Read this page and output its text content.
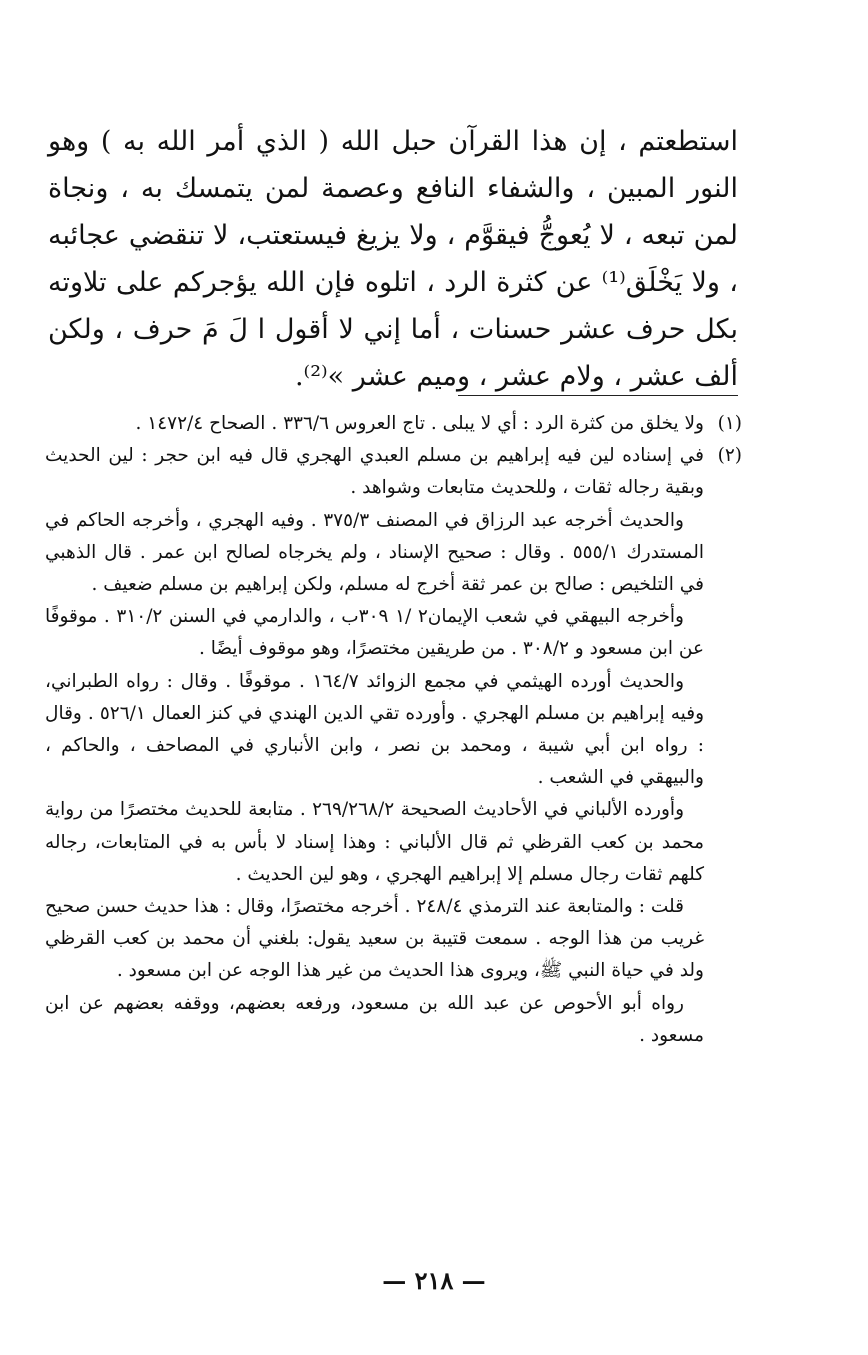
استطعتم ، إن هذا القرآن حبل الله ( الذي أمر الله به ) وهو النور المبين ، والشفاء النافع وعصمة لمن يتمسك به ، ونجاة لمن تبعه ، لا يُعوجُّ فيقوَّم ، ولا يزيغ فيستعتب، لا تنقضي عجائبه ، ولا يَخْلَق⁽¹⁾ عن كثرة الرد ، اتلوه فإن الله يؤجركم على تلاوته بكل حرف عشر حسنات ، أما إني لا أقول ا لَ مَ حرف ، ولكن ألف عشر ، ولام عشر ، وميم عشر »⁽²⁾.

(١)

ولا يخلق من كثرة الرد : أي لا يبلى . تاج العروس ٣٣٦/٦ . الصحاح ١٤٧٢/٤ .

(٢)

في إسناده لين فيه إبراهيم بن مسلم العبدي الهجري قال فيه ابن حجر : لين الحديث وبقية رجاله ثقات ، وللحديث متابعات وشواهد .

والحديث أخرجه عبد الرزاق في المصنف ٣٧٥/٣ . وفيه الهجري ، وأخرجه الحاكم في المستدرك ٥٥٥/١ . وقال : صحيح الإسناد ، ولم يخرجاه لصالح ابن عمر . قال الذهبي في التلخيص : صالح بن عمر ثقة أخرج له مسلم، ولكن إبراهيم بن مسلم ضعيف .

وأخرجه البيهقي في شعب الإيمان٢ /١ ٣٠٩ب ، والدارمي في السنن ٣١٠/٢ . موقوفًا عن ابن مسعود و ٣٠٨/٢ . من طريقين مختصرًا، وهو موقوف أيضًا .

والحديث أورده الهيثمي في مجمع الزوائد ١٦٤/٧ . موقوفًا . وقال : رواه الطبراني، وفيه إبراهيم بن مسلم الهجري . وأورده تقي الدين الهندي في كنز العمال ٥٢٦/١ . وقال : رواه ابن أبي شيبة ، ومحمد بن نصر ، وابن الأنباري في المصاحف ، والحاكم ، والبيهقي في الشعب .

وأورده الألباني في الأحاديث الصحيحة ٢٦٩/٢٦٨/٢ . متابعة للحديث مختصرًا من رواية محمد بن كعب القرظي ثم قال الألباني : وهذا إسناد لا بأس به في المتابعات، رجاله كلهم ثقات رجال مسلم إلا إبراهيم الهجري ، وهو لين الحديث .

قلت : والمتابعة عند الترمذي ٢٤٨/٤ . أخرجه مختصرًا، وقال : هذا حديث حسن صحيح غريب من هذا الوجه . سمعت قتيبة بن سعيد يقول: بلغني أن محمد بن كعب القرظي ولد في حياة النبي ﷺ، ويروى هذا الحديث من غير هذا الوجه عن ابن مسعود .

رواه أبو الأحوص عن عبد الله بن مسعود، ورفعه بعضهم، ووقفه بعضهم عن ابن مسعود .

— ٢١٨ —
